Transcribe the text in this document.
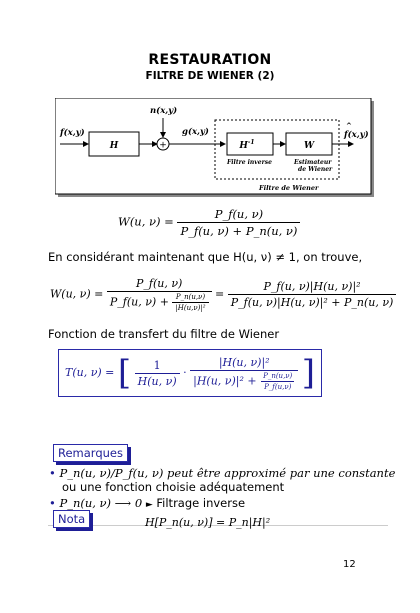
RESTAURATION
FILTRE DE WIENER (2)
f(x,y)
H	+
n(x,y)
g(x,y)
$H^{-1}$	W
f(x,y)
^
Filtre inverse	Estimateur
de Wiener
Filtre de Wiener
W(u, $\nu) = \frac{P\_f(u, \nu)}{P\_f(u, \nu) + P\_n(u, \nu)}$
En considérant maintenant que H(u, ν) ≠ 1, on trouve,
W(u, $\nu) = \frac{P\_f(u, \nu)}{P\_f(u, \nu) + \frac{P\_n(u,\nu)}{\text{|H(u,ν)|²}}} = \frac{\text{P\_f(u, ν)|H(u, ν)|²}}{\text{P\_f(u, ν)|H(u, ν)|² + P\_n(u, ν)}}$
Fonction de transfert du filtre de Wiener
T(u, ν) = [ $\frac{1}{H(u, \nu)} \cdot \frac{\text{|H(u, ν)|²}}{|H(u, \nu)|^2 + \frac{P\_n(u,\nu)}{P\_f(u,\nu)}}$ ]
Remarques
• P_n(u, ν)/P_f(u, ν) peut être approximé par une constante
ou une fonction choisie adéquatement
• P_n(u, ν) ⟶ 0 ► Filtrage inverse
Nota	H[P_n(u, ν)] = P_n|H|²
12
